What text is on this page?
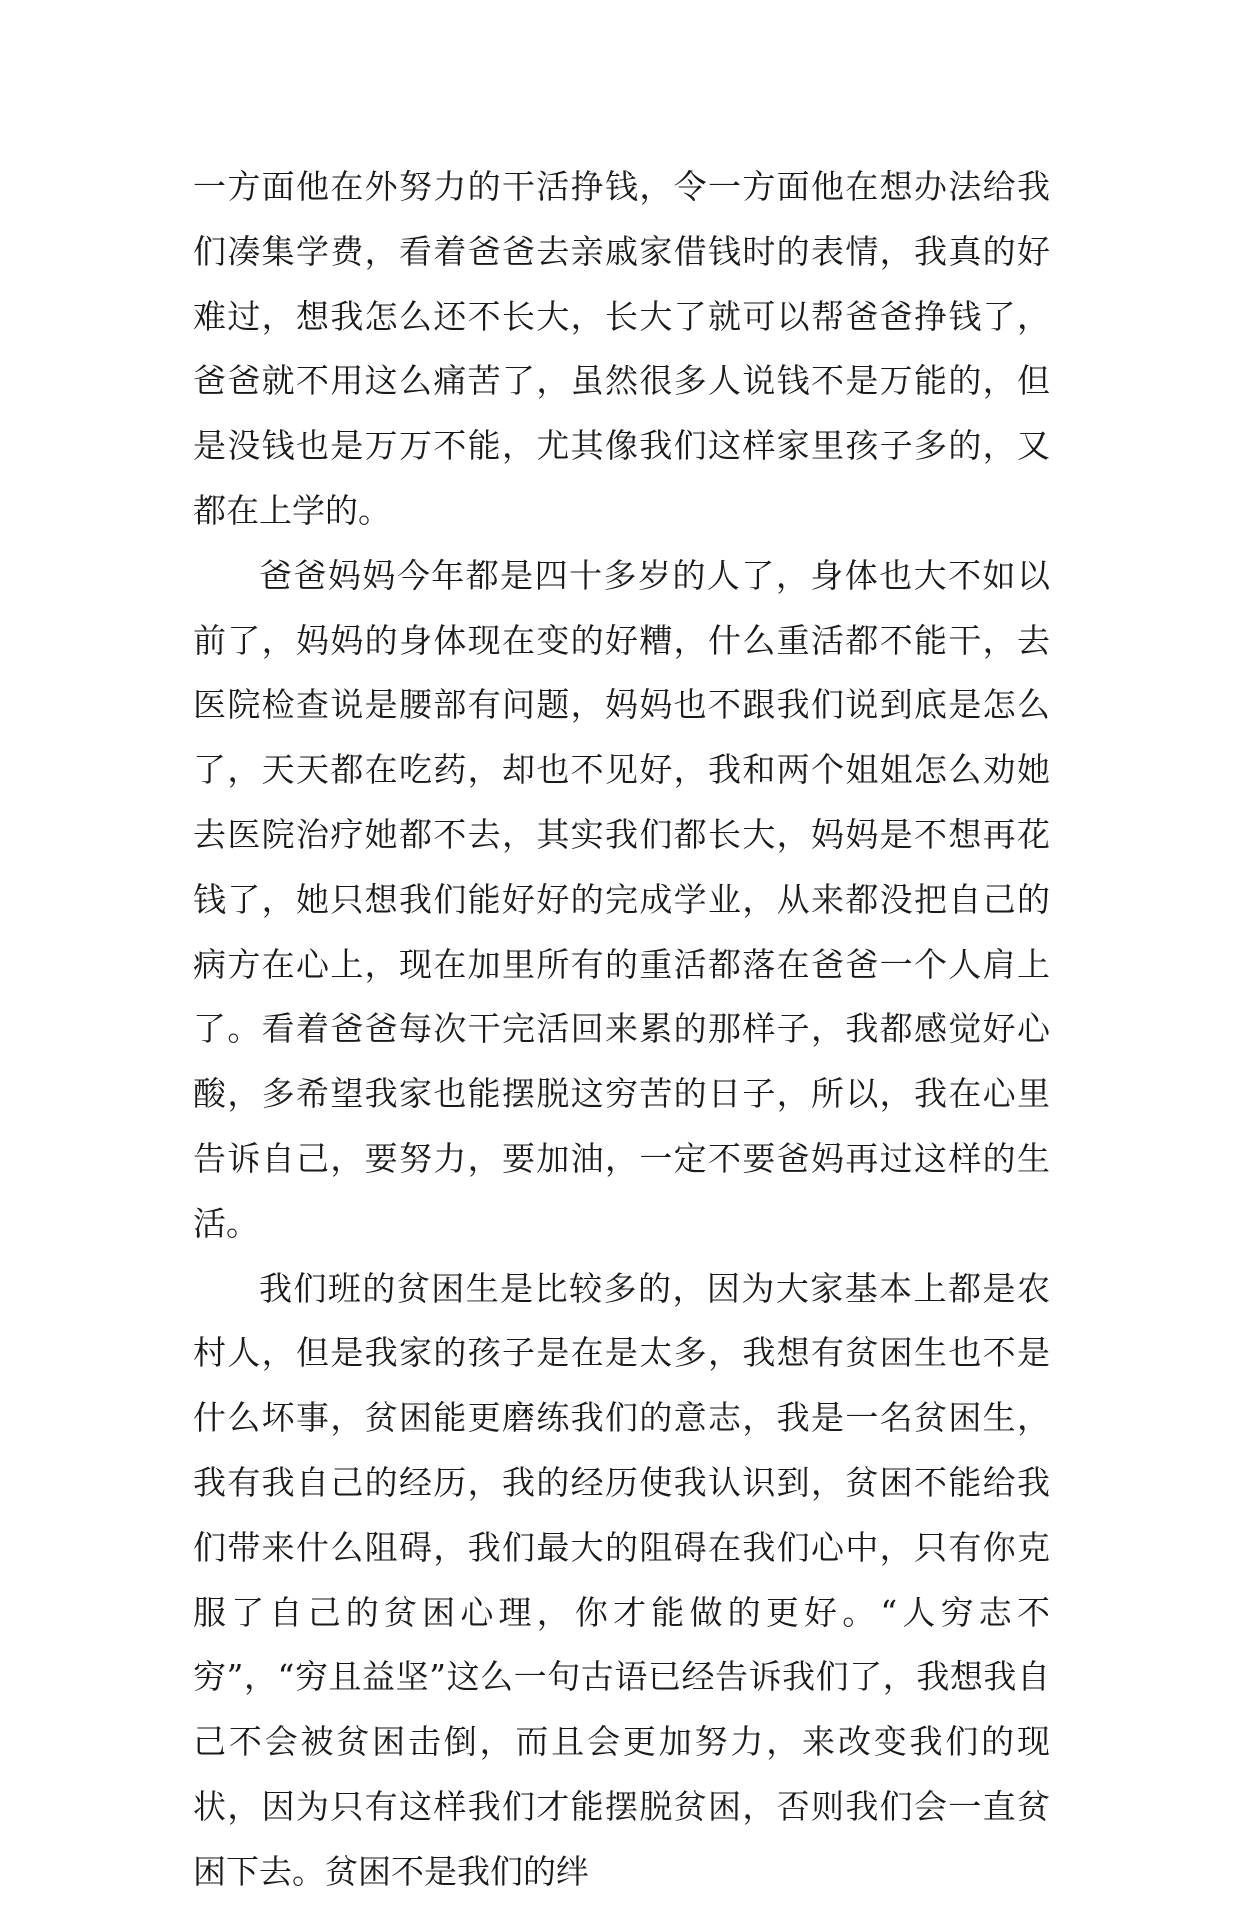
一方面他在外努力的干活挣钱，令一方面他在想办法给我们凑集学费，看着爸爸去亲戚家借钱时的表情，我真的好难过，想我怎么还不长大，长大了就可以帮爸爸挣钱了，爸爸就不用这么痛苦了，虽然很多人说钱不是万能的，但是没钱也是万万不能，尤其像我们这样家里孩子多的，又都在上学的。

爸爸妈妈今年都是四十多岁的人了，身体也大不如以前了，妈妈的身体现在变的好糟，什么重活都不能干，去医院检查说是腰部有问题，妈妈也不跟我们说到底是怎么了，天天都在吃药，却也不见好，我和两个姐姐怎么劝她去医院治疗她都不去，其实我们都长大，妈妈是不想再花钱了，她只想我们能好好的完成学业，从来都没把自己的病方在心上，现在加里所有的重活都落在爸爸一个人肩上了。看着爸爸每次干完活回来累的那样子，我都感觉好心酸，多希望我家也能摆脱这穷苦的日子，所以，我在心里告诉自己，要努力，要加油，一定不要爸妈再过这样的生活。

我们班的贫困生是比较多的，因为大家基本上都是农村人，但是我家的孩子是在是太多，我想有贫困生也不是什么坏事，贫困能更磨练我们的意志，我是一名贫困生，我有我自己的经历，我的经历使我认识到，贫困不能给我们带来什么阻碍，我们最大的阻碍在我们心中，只有你克服了自己的贫困心理，你才能做的更好。“人穷志不穷”，“穷且益坚”这么一句古语已经告诉我们了，我想我自己不会被贫困击倒，而且会更加努力，来改变我们的现状，因为只有这样我们才能摆脱贫困，否则我们会一直贫困下去。贫困不是我们的绊
